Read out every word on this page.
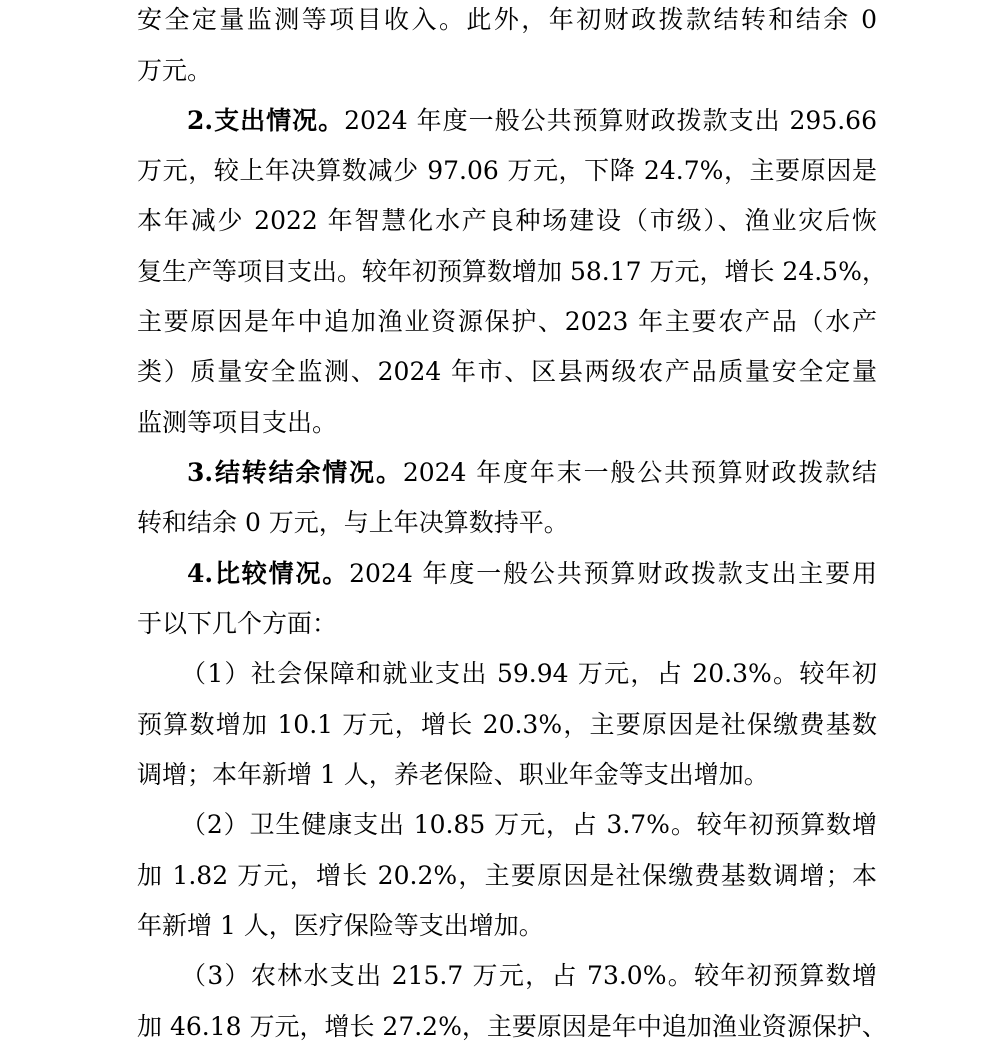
安全定量监测等项目收入。此外，年初财政拨款结转和结余 0
万元。
2.支出情况。2024 年度一般公共预算财政拨款支出 295.66
万元，较上年决算数减少 97.06 万元，下降 24.7%，主要原因是
本年减少 2022 年智慧化水产良种场建设（市级）、渔业灾后恢
复生产等项目支出。较年初预算数增加 58.17 万元，增长 24.5%，
主要原因是年中追加渔业资源保护、2023 年主要农产品（水产
类）质量安全监测、2024 年市、区县两级农产品质量安全定量
监测等项目支出。
3.结转结余情况。2024 年度年末一般公共预算财政拨款结
转和结余 0 万元，与上年决算数持平。
4.比较情况。2024 年度一般公共预算财政拨款支出主要用
于以下几个方面：
（1）社会保障和就业支出 59.94 万元，占 20.3%。较年初
预算数增加 10.1 万元，增长 20.3%，主要原因是社保缴费基数
调增；本年新增 1 人，养老保险、职业年金等支出增加。
（2）卫生健康支出 10.85 万元，占 3.7%。较年初预算数增
加 1.82 万元，增长 20.2%，主要原因是社保缴费基数调增；本
年新增 1 人，医疗保险等支出增加。
（3）农林水支出 215.7 万元，占 73.0%。较年初预算数增
加 46.18 万元，增长 27.2%，主要原因是年中追加渔业资源保护、
